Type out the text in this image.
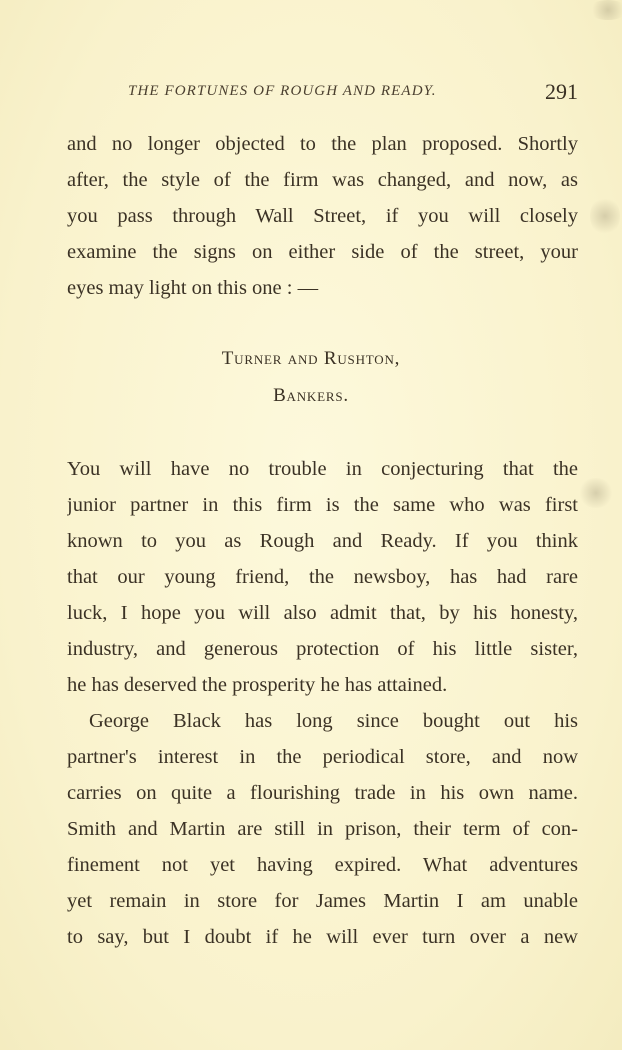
THE FORTUNES OF ROUGH AND READY.	291
and no longer objected to the plan proposed. Shortly
after, the style of the firm was changed, and now, as
you pass through Wall Street, if you will closely
examine the signs on either side of the street, your
eyes may light on this one : —
Turner and Rushton,
Bankers.
You will have no trouble in conjecturing that the
junior partner in this firm is the same who was first
known to you as Rough and Ready. If you think
that our young friend, the newsboy, has had rare
luck, I hope you will also admit that, by his honesty,
industry, and generous protection of his little sister,
he has deserved the prosperity he has attained.
George Black has long since bought out his
partner's interest in the periodical store, and now
carries on quite a flourishing trade in his own name.
Smith and Martin are still in prison, their term of con-
finement not yet having expired. What adventures
yet remain in store for James Martin I am unable
to say, but I doubt if he will ever turn over a new
